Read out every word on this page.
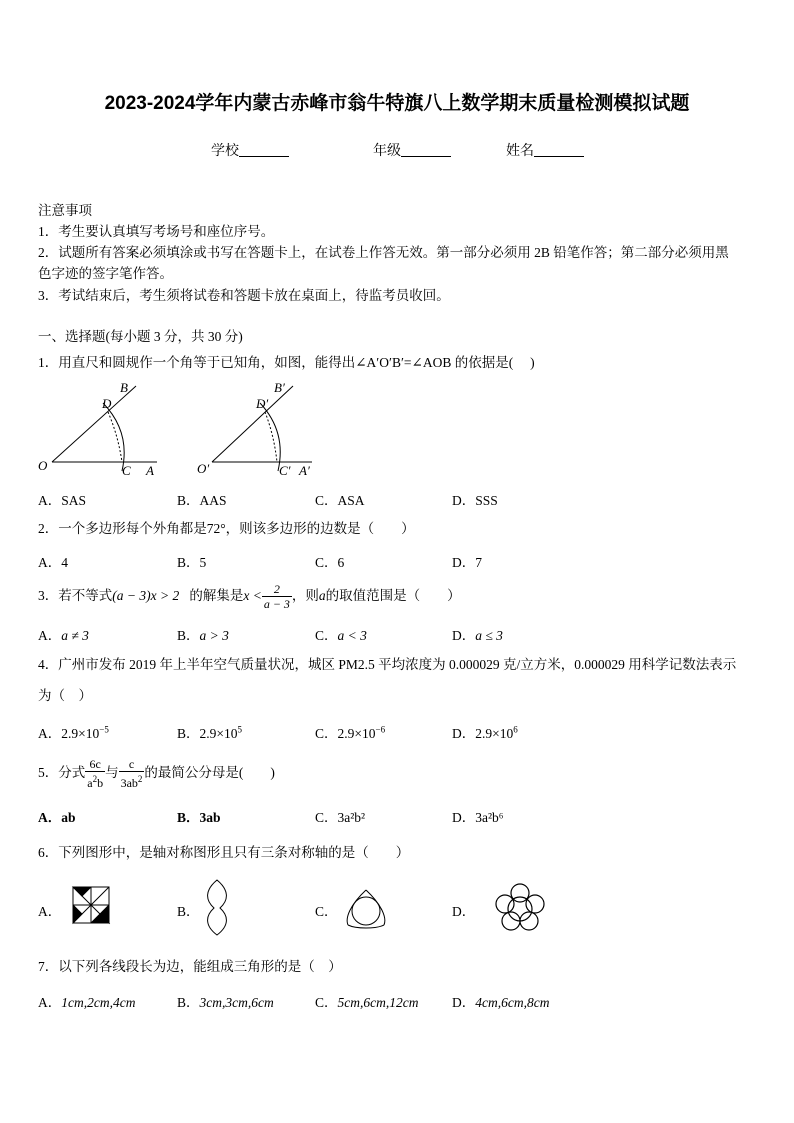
2023-2024学年内蒙古赤峰市翁牛特旗八上数学期末质量检测模拟试题
学校	年级	姓名
注意事项
1．考生要认真填写考场号和座位序号。
2．试题所有答案必须填涂或书写在答题卡上，在试卷上作答无效。第一部分必须用 2B 铅笔作答；第二部分必须用黑
色字迹的签字笔作答。
3．考试结束后，考生须将试卷和答题卡放在桌面上，待监考员收回。
一、选择题(每小题 3 分，共 30 分)
1．用直尺和圆规作一个角等于已知角，如图，能得出∠A′O′B′=∠AOB 的依据是(　 )
B
D
O	C A
B′
D′
O′	C′ A′
A．SAS	B．AAS	C．ASA	D．SSS
2．一个多边形每个外角都是72°，则该多边形的边数是（　　）
A．4	B．5	C．6	D．7
3．若不等式(a − 3)x > 2 的解集是$x < \frac{2}{a - 3}$ ，则a的取值范围是（　　）
A．a ≠ 3	B．a > 3	C．a < 3	D．a ≤ 3
4．广州市发布 2019 年上半年空气质量状况，城区 PM2.5 平均浓度为 0.000029 克/立方米，0.000029 用科学记数法表示
为（　）
A．$2.9\times 10^{-5}$	B．$2.9\times 10^5$	C．$2.9\times 10^{-6}$	D．$2.9\times 10^6$
5．分式 $\frac{6c}{a^2b}$ 与 $\frac{c}{3ab^2}$ 的最简公分母是(　　)
A．ab	B．3ab	C．3a²b²	D．3a²b⁶
6．下列图形中，是轴对称图形且只有三条对称轴的是（　　）
A．	B．	C．	D．
7．以下列各线段长为边，能组成三角形的是（　）
A．1cm,2cm,4cm	B．3cm,3cm,6cm	C．5cm,6cm,12cm D．4cm,6cm,8cm
